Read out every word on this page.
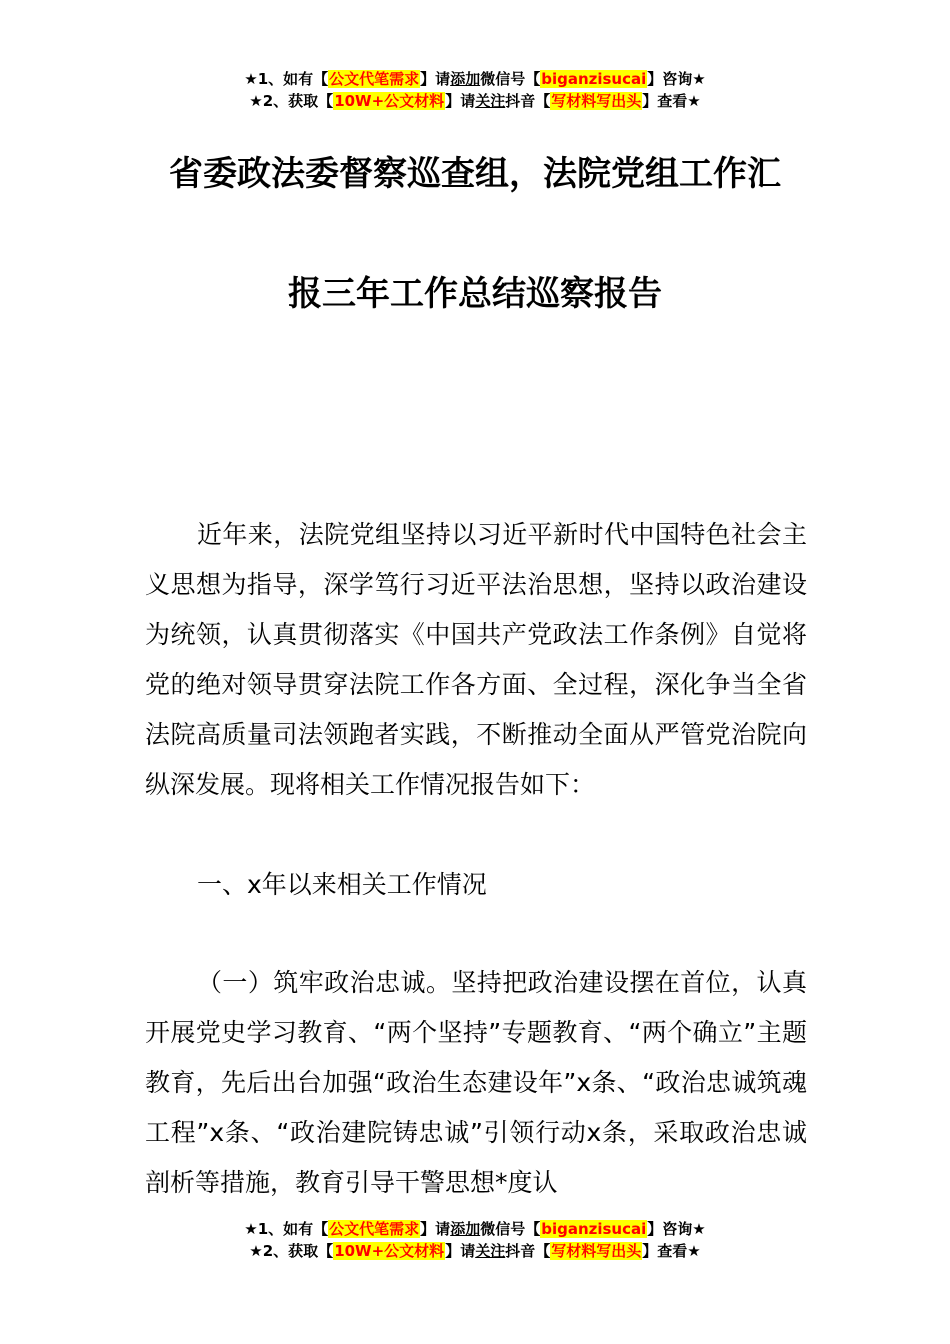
★1、如有【公文代笔需求】请添加微信号【biganzisucai】咨询★
★2、获取【10W+公文材料】请关注抖音【写材料写出头】查看★
省委政法委督察巡查组，法院党组工作汇
报三年工作总结巡察报告
近年来，法院党组坚持以习近平新时代中国特色社会主义思想为指导，深学笃行习近平法治思想，坚持以政治建设为统领，认真贯彻落实《中国共产党政法工作条例》自觉将党的绝对领导贯穿法院工作各方面、全过程，深化争当全省法院高质量司法领跑者实践，不断推动全面从严管党治院向纵深发展。现将相关工作情况报告如下：
一、x年以来相关工作情况
（一）筑牢政治忠诚。坚持把政治建设摆在首位，认真开展党史学习教育、“两个坚持”专题教育、“两个确立”主题教育，先后出台加强“政治生态建设年”x条、“政治忠诚筑魂工程”x条、“政治建院铸忠诚”引领行动x条，采取政治忠诚剖析等措施，教育引导干警思想*度认
★1、如有【公文代笔需求】请添加微信号【biganzisucai】咨询★
★2、获取【10W+公文材料】请关注抖音【写材料写出头】查看★
